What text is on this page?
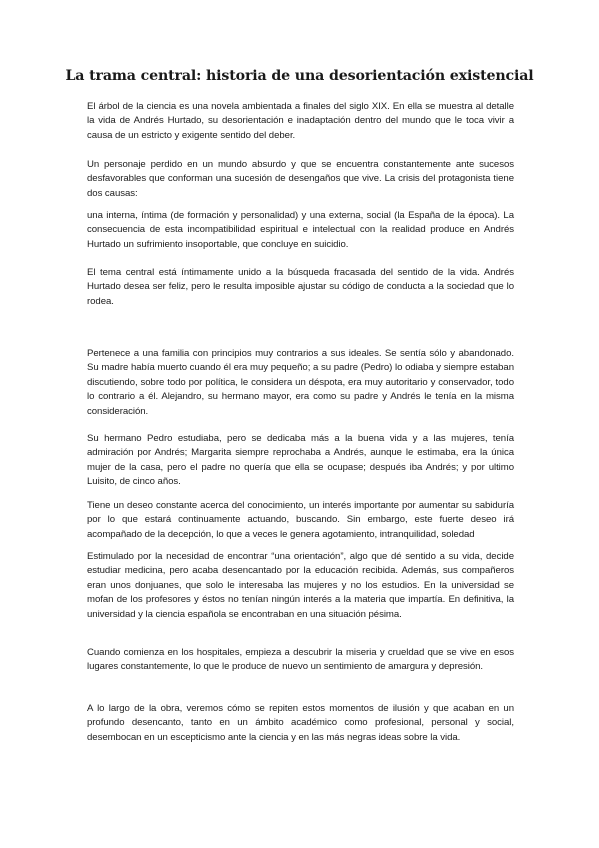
La trama central: historia de una desorientación existencial

El árbol de la ciencia es una novela ambientada a finales del siglo XIX. En ella se muestra al detalle la vida de Andrés Hurtado, su desorientación e inadaptación dentro del mundo que le toca vivir a causa de un estricto y exigente sentido del deber.

Un personaje perdido en un mundo absurdo y que se encuentra constantemente ante sucesos desfavorables que conforman una sucesión de desengaños que vive. La crisis del protagonista tiene dos causas:

una interna, íntima (de formación y personalidad) y una externa, social (la España de la época). La consecuencia de esta incompatibilidad espiritual e intelectual con la realidad produce en Andrés Hurtado un sufrimiento insoportable, que concluye en suicidio.

El tema central está íntimamente unido a la búsqueda fracasada del sentido de la vida. Andrés Hurtado desea ser feliz, pero le resulta imposible ajustar su código de conducta a la sociedad que lo rodea.

Pertenece a una familia con principios muy contrarios a sus ideales. Se sentía sólo y abandonado. Su madre había muerto cuando él era muy pequeño; a su padre (Pedro) lo odiaba y siempre estaban discutiendo, sobre todo por política, le considera un déspota, era muy autoritario y conservador, todo lo contrario a él. Alejandro, su hermano mayor, era como su padre y Andrés le tenía en la misma consideración.

Su hermano Pedro estudiaba, pero se dedicaba más a la buena vida y a las mujeres, tenía admiración por Andrés; Margarita siempre reprochaba a Andrés, aunque le estimaba, era la única mujer de la casa, pero el padre no quería que ella se ocupase; después iba Andrés; y por ultimo Luisito, de cinco años.

Tiene un deseo constante acerca del conocimiento, un interés importante por aumentar su sabiduría por lo que estará continuamente actuando, buscando. Sin embargo, este fuerte deseo irá acompañado de la decepción, lo que a veces le genera agotamiento, intranquilidad, soledad

Estimulado por la necesidad de encontrar “una orientación”, algo que dé sentido a su vida, decide estudiar medicina, pero acaba desencantado por la educación recibida. Además, sus compañeros eran unos donjuanes, que solo le interesaba las mujeres y no los estudios. En la universidad se mofan de los profesores y éstos no tenían ningún interés a la materia que impartía. En definitiva, la universidad y la ciencia española se encontraban en una situación pésima.

Cuando comienza en los hospitales, empieza a descubrir la miseria y crueldad que se vive en esos lugares constantemente, lo que le produce de nuevo un sentimiento de amargura y depresión.

A lo largo de la obra, veremos cómo se repiten estos momentos de ilusión y que acaban en un profundo desencanto, tanto en un ámbito académico como profesional, personal y social, desembocan en un escepticismo ante la ciencia y en las más negras ideas sobre la vida.
